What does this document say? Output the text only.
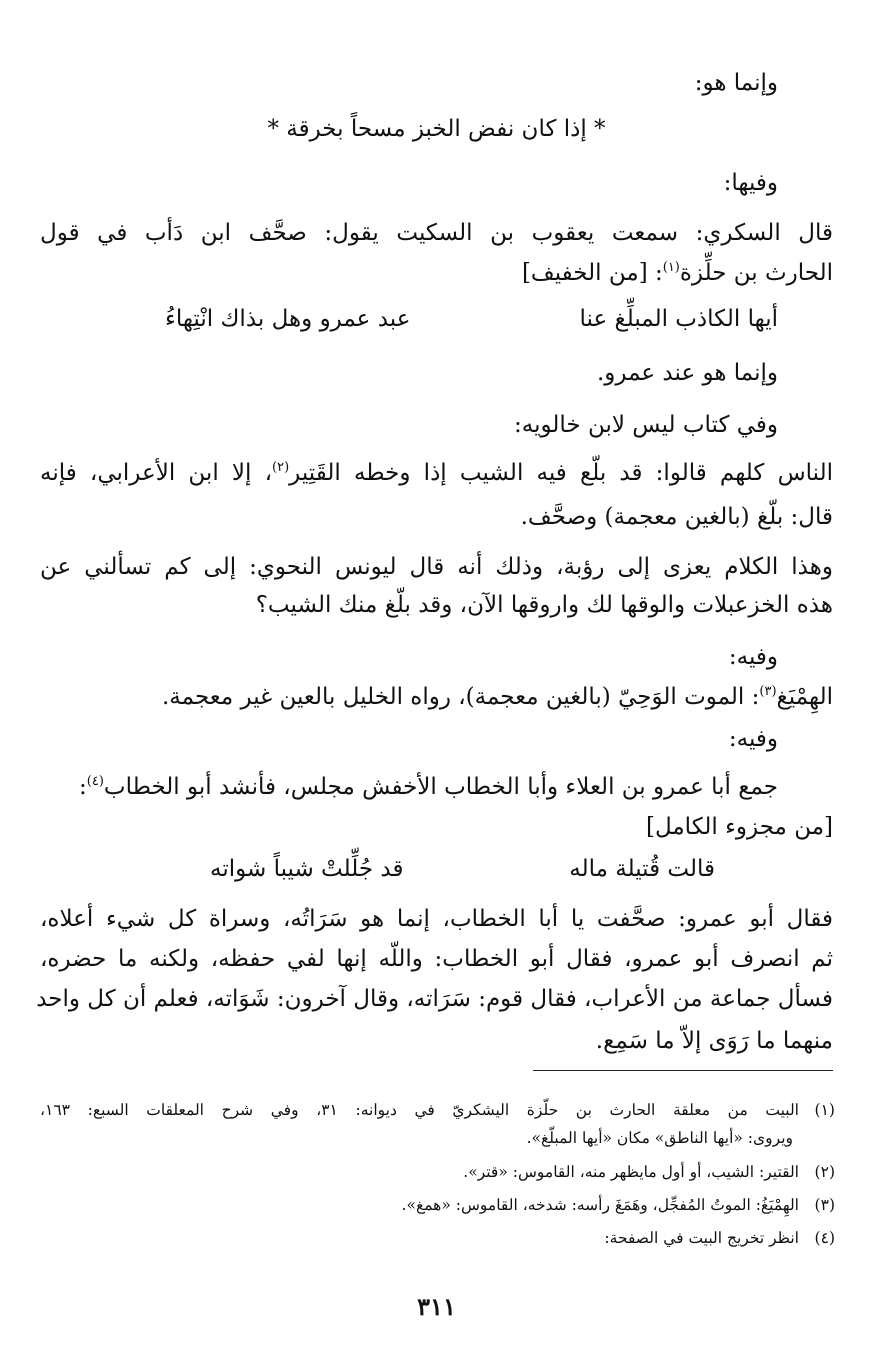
وإنما هو:
* إذا كان نفض الخبز مسحاً بخرقة *
وفيها:
قال السكري: سمعت يعقوب بن السكيت يقول: صحَّف ابن دَأب في قول
الحارث بن حلِّزة$^{(١)}$: [من الخفيف]
أيها الكاذب المبلِّغ عنا
عبد عمرو وهل بذاك انْتِهاءُ
وإنما هو عند عمرو.
وفي كتاب ليس لابن خالويه:
الناس كلهم قالوا: قد بلّع فيه الشيب إذا وخطه القَتِير$^{(٢)}$، إلا ابن الأعرابي، فإنه
قال: بلّغ (بالغين معجمة) وصحَّف.
وهذا الكلام يعزى إلى رؤبة، وذلك أنه قال ليونس النحوي: إلى كم تسألني عن
هذه الخزعبلات والوقها لك واروقها الآن، وقد بلّغ منك الشيب؟
وفيه:
الهِمْيَغ$^{(٣)}$: الموت الوَحِيّ (بالغين معجمة)، رواه الخليل بالعين غير معجمة.
وفيه:
جمع أبا عمرو بن العلاء وأبا الخطاب الأخفش مجلس، فأنشد أبو الخطاب$^{(٤)}$:
[من مجزوء الكامل]
قالت قُتيلة ماله
قد جُلِّلتْ شيباً شواته
فقال أبو عمرو: صحَّفت يا أبا الخطاب، إنما هو سَرَاتُه، وسراة كل شيء أعلاه،
ثم انصرف أبو عمرو، فقال أبو الخطاب: واللّه إنها لفي حفظه، ولكنه ما حضره،
فسأل جماعة من الأعراب، فقال قوم: سَرَاته، وقال آخرون: شَوَاته، فعلم أن كل واحد
منهما ما رَوَى إلاّ ما سَمِع.
(١)البيت من معلقة الحارث بن حلّزة اليشكريّ في ديوانه: ٣١، وفي شرح المعلقات السبع: ١٦٣،
ويروى: «أيها الناطق» مكان «أيها المبلّغ».
(٢)القتير: الشيب، أو أول مايظهر منه، القاموس: «قتر».
(٣)الهِمْيَغُ: الموتُ المُفجِّل، وهَمَغَ رأسه: شدخه، القاموس: «همغ».
(٤)انظر تخريج البيت في الصفحة:
٣١١
